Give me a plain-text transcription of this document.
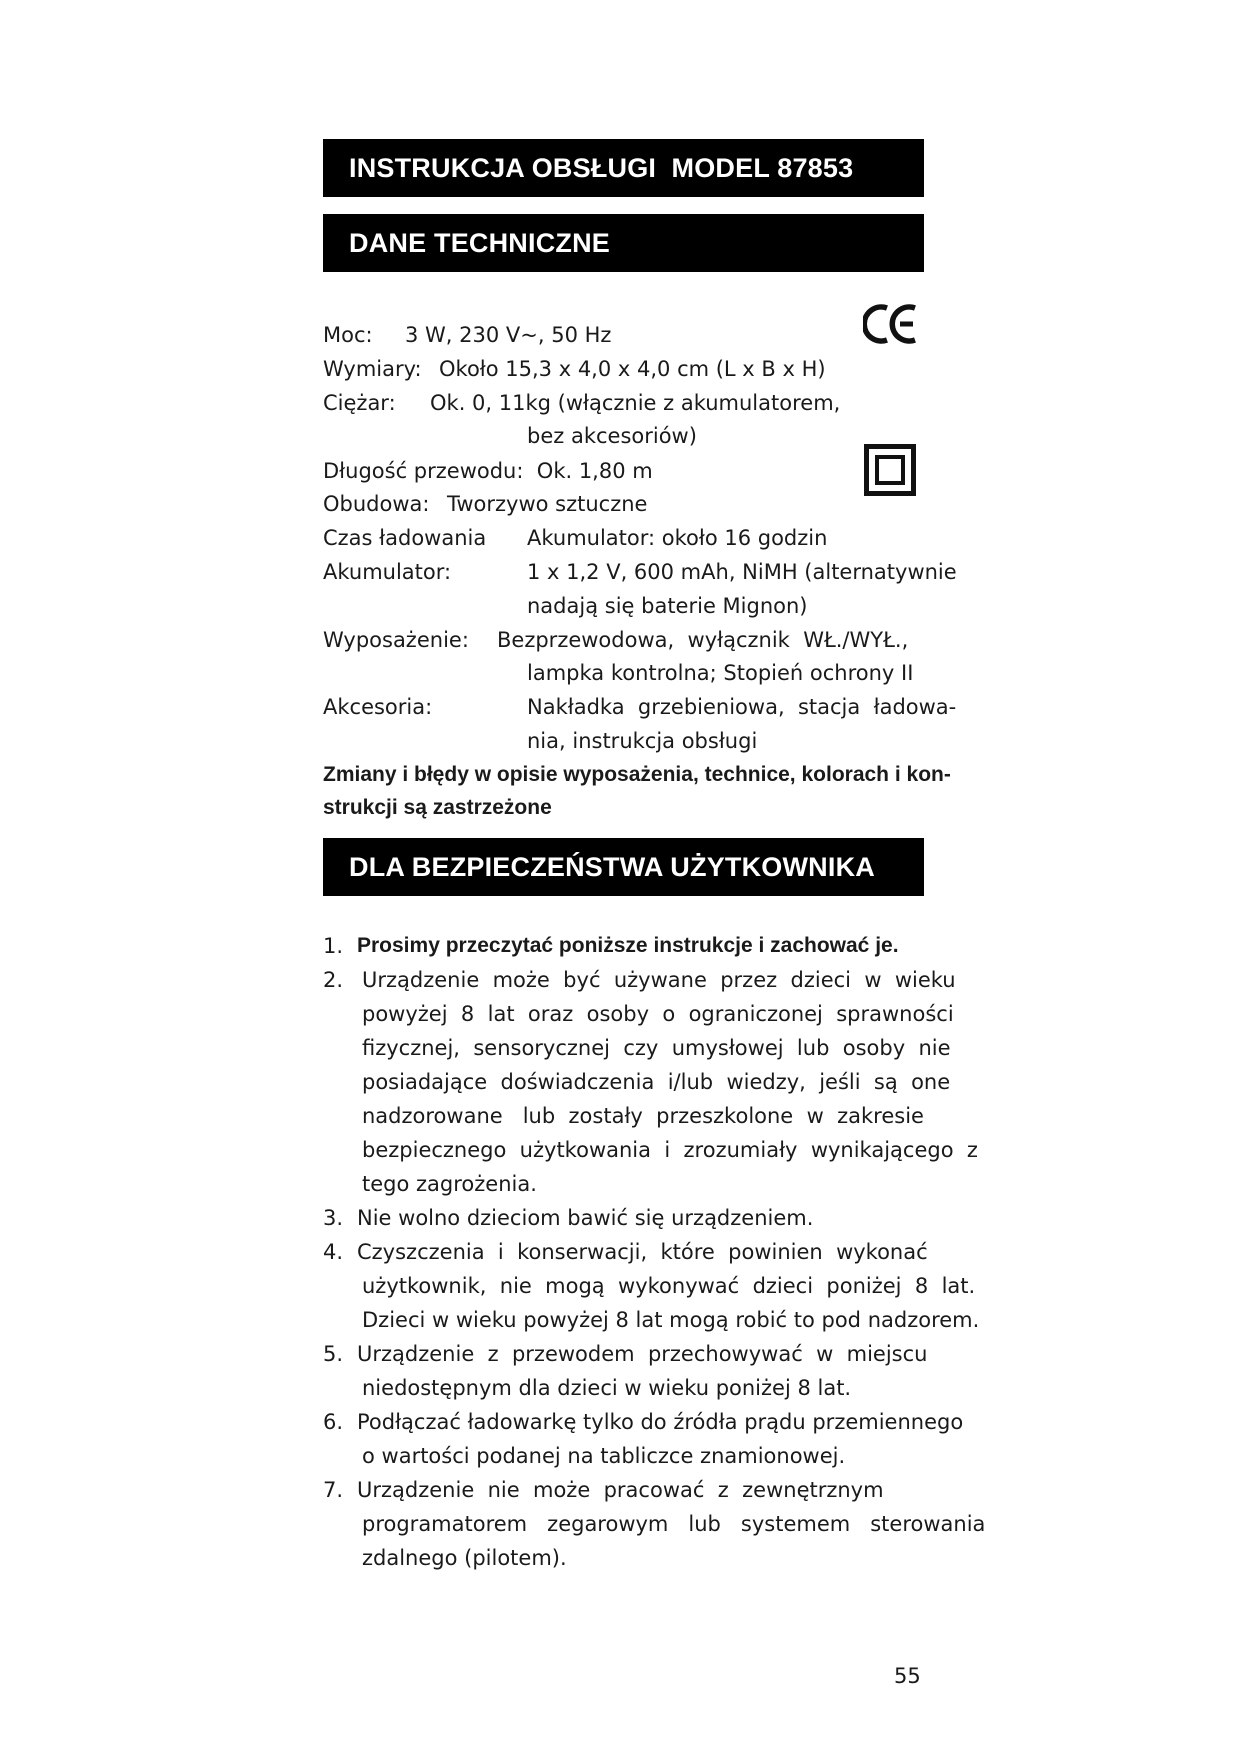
INSTRUKCJA OBSŁUGI  MODEL 87853
DANE TECHNICZNE
Moc: 3 W, 230 V~, 50 Hz
Wymiary: Około 15,3 x 4,0 x 4,0 cm (L x B x H)
Ciężar: Ok. 0, 11kg (włącznie z akumulatorem,
bez akcesoriów)
Długość przewodu:  Ok. 1,80 m
Obudowa: Tworzywo sztuczne
Czas ładowania Akumulator: około 16 godzin
Akumulator:	1 x 1,2 V, 600 mAh, NiMH (alternatywnie
nadają się baterie Mignon)
Wyposażenie: Bezprzewodowa,  wyłącznik  WŁ./WYŁ.,
lampka kontrolna; Stopień ochrony II
Akcesoria:	Nakładka  grzebieniowa,  stacja  ładowa-
nia, instrukcja obsługi
Zmiany i błędy w opisie wyposażenia, technice, kolorach i kon-
strukcji są zastrzeżone
DLA BEZPIECZEŃSTWA UŻYTKOWNIKA
1. Prosimy przeczytać poniższe instrukcje i zachować je.
2. Urządzenie  może  być  używane  przez  dzieci  w  wieku
powyżej  8  lat  oraz  osoby  o  ograniczonej  sprawności
fizycznej,  sensorycznej  czy  umysłowej  lub  osoby  nie
posiadające  doświadczenia  i/lub  wiedzy,  jeśli  są  one
nadzorowane   lub  zostały  przeszkolone  w  zakresie
bezpiecznego  użytkowania  i  zrozumiały  wynikającego  z
tego zagrożenia.
3. Nie wolno dzieciom bawić się urządzeniem.
4. Czyszczenia  i  konserwacji,  które  powinien  wykonać
użytkownik,  nie  mogą  wykonywać  dzieci  poniżej  8  lat.
Dzieci w wieku powyżej 8 lat mogą robić to pod nadzorem.
5. Urządzenie  z  przewodem  przechowywać  w  miejscu
niedostępnym dla dzieci w wieku poniżej 8 lat.
6. Podłączać ładowarkę tylko do źródła prądu przemiennego
o wartości podanej na tabliczce znamionowej.
7. Urządzenie  nie  może  pracować  z  zewnętrznym
programatorem   zegarowym   lub   systemem   sterowania
zdalnego (pilotem).
55
